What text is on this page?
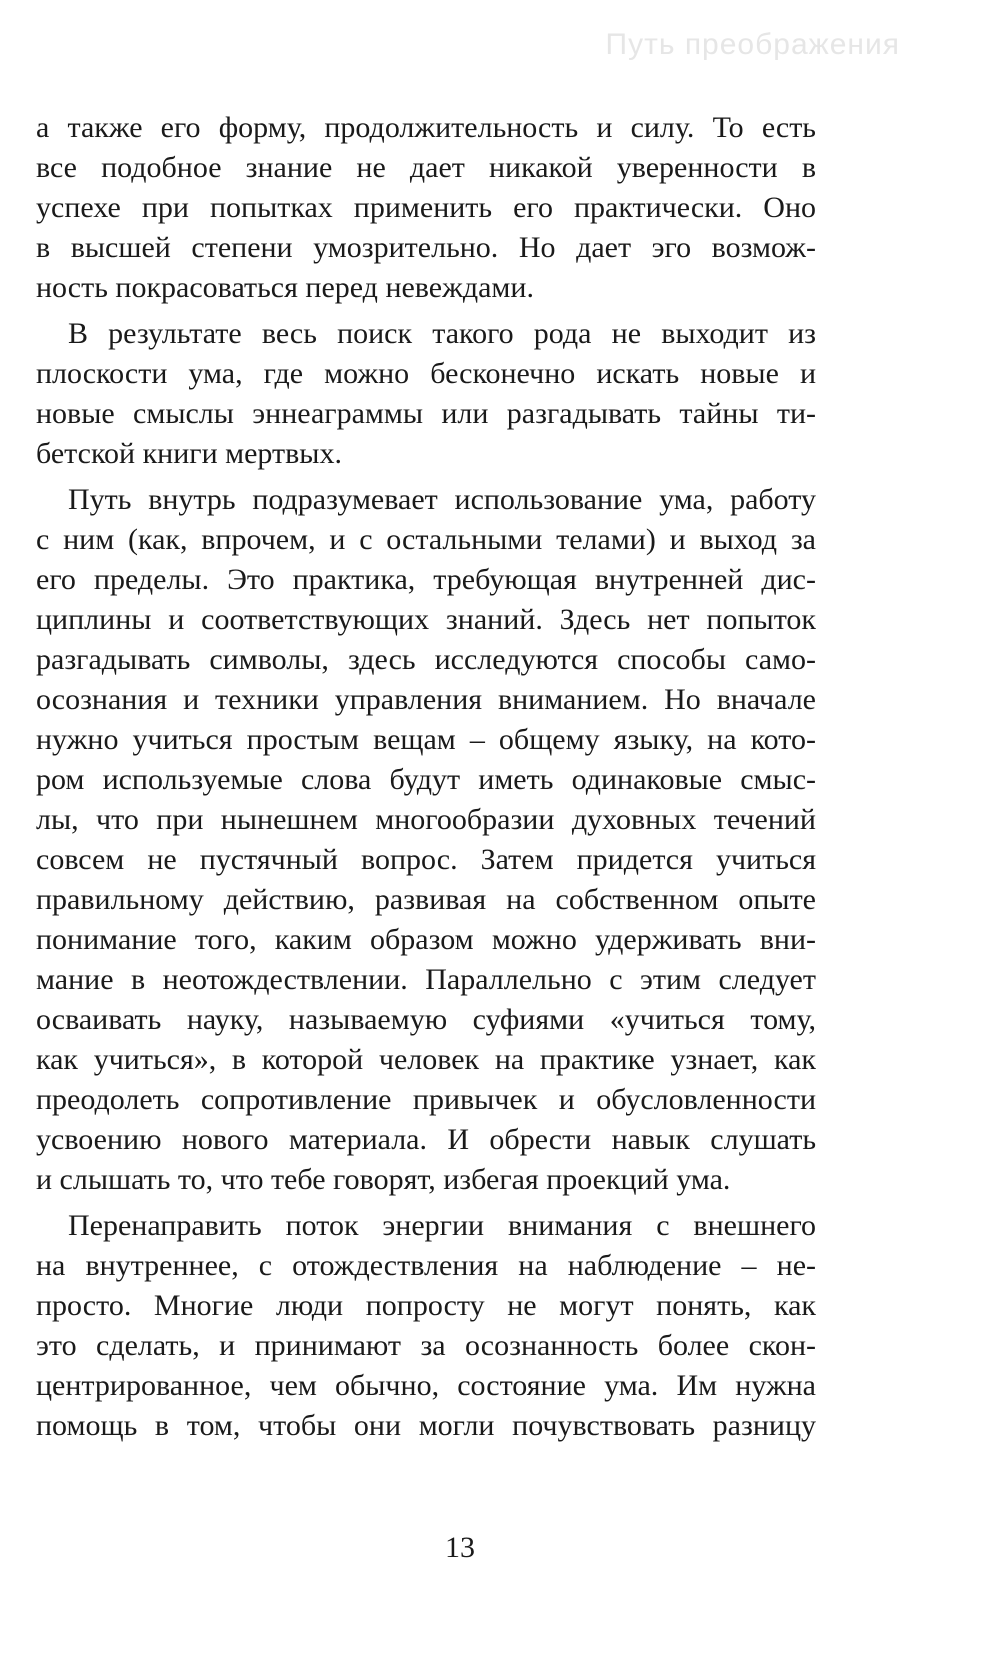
Путь преображения

а также его форму, продолжительность и силу. То есть
все подобное знание не дает никакой уверенности в
успехе при попытках применить его практически. Оно
в высшей степени умозрительно. Но дает эго возмож-
ность покрасоваться перед невеждами.

В результате весь поиск такого рода не выходит из
плоскости ума, где можно бесконечно искать новые и
новые смыслы эннеаграммы или разгадывать тайны ти-
бетской книги мертвых.

Путь внутрь подразумевает использование ума, работу
с ним (как, впрочем, и с остальными телами) и выход за
его пределы. Это практика, требующая внутренней дис-
циплины и соответствующих знаний. Здесь нет попыток
разгадывать символы, здесь исследуются способы само-
осознания и техники управления вниманием. Но вначале
нужно учиться простым вещам – общему языку, на кото-
ром используемые слова будут иметь одинаковые смыс-
лы, что при нынешнем многообразии духовных течений
совсем не пустячный вопрос. Затем придется учиться
правильному действию, развивая на собственном опыте
понимание того, каким образом можно удерживать вни-
мание в неотождествлении. Параллельно с этим следует
осваивать науку, называемую суфиями «учиться тому,
как учиться», в которой человек на практике узнает, как
преодолеть сопротивление привычек и обусловленности
усвоению нового материала. И обрести навык слушать
и слышать то, что тебе говорят, избегая проекций ума.

Перенаправить поток энергии внимания с внешнего
на внутреннее, с отождествления на наблюдение – не-
просто. Многие люди попросту не могут понять, как
это сделать, и принимают за осознанность более скон-
центрированное, чем обычно, состояние ума. Им нужна
помощь в том, чтобы они могли почувствовать разницу

13
